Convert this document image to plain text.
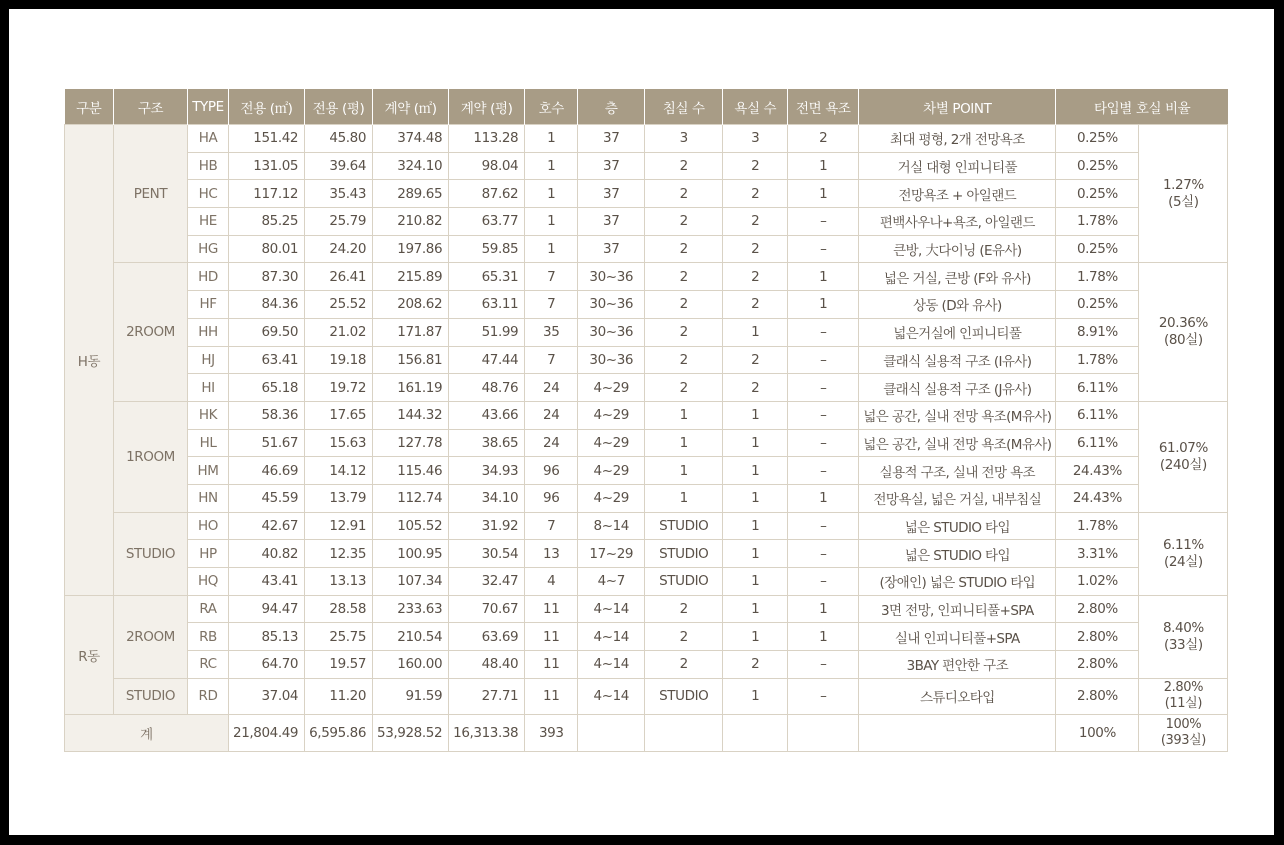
구분	구조	TYPE	전용 (㎡)	전용 (평)	계약 (㎡)	계약 (평)	호수	층	침실 수	욕실 수	전면 욕조	차별 POINT	타입별 호실 비율	
H동	PENT	HA	151.42	45.80	374.48	113.28	1	37	3	3	2	최대 평형, 2개 전망욕조	0.25%	1.27%
(5실)

		HB	131.05	39.64	324.10	98.04	1	37	2	2	1	거실 대형 인피니티풀	0.25%	
		HC	117.12	35.43	289.65	87.62	1	37	2	2	1	전망욕조 + 아일랜드	0.25%	
		HE	85.25	25.79	210.82	63.77	1	37	2	2	–	편백사우나+욕조, 아일랜드	1.78%	
		HG	80.01	24.20	197.86	59.85	1	37	2	2	–	큰방, 大다이닝 (E유사)	0.25%	
	2ROOM	HD	87.30	26.41	215.89	65.31	7	30~36	2	2	1	넓은 거실, 큰방 (F와 유사)	1.78%	20.36%
(80실)

		HF	84.36	25.52	208.62	63.11	7	30~36	2	2	1	상동 (D와 유사)	0.25%	
		HH	69.50	21.02	171.87	51.99	35	30~36	2	1	–	넓은거실에 인피니티풀	8.91%	
		HJ	63.41	19.18	156.81	47.44	7	30~36	2	2	–	클래식 실용적 구조 (I유사)	1.78%	
		HI	65.18	19.72	161.19	48.76	24	4~29	2	2	–	클래식 실용적 구조 (J유사)	6.11%	
	1ROOM	HK	58.36	17.65	144.32	43.66	24	4~29	1	1	–	넓은 공간, 실내 전망 욕조(M유사)	6.11%	61.07%
(240실)

		HL	51.67	15.63	127.78	38.65	24	4~29	1	1	–	넓은 공간, 실내 전망 욕조(M유사)	6.11%	
		HM	46.69	14.12	115.46	34.93	96	4~29	1	1	–	실용적 구조, 실내 전망 욕조	24.43%	
		HN	45.59	13.79	112.74	34.10	96	4~29	1	1	1	전망욕실, 넓은 거실, 내부침실	24.43%	
	STUDIO	HO	42.67	12.91	105.52	31.92	7	8~14	STUDIO	1	–	넓은 STUDIO 타입	1.78%	6.11%
(24실)

		HP	40.82	12.35	100.95	30.54	13	17~29	STUDIO	1	–	넓은 STUDIO 타입	3.31%	
		HQ	43.41	13.13	107.34	32.47	4	4~7	STUDIO	1	–	(장애인) 넓은 STUDIO 타입	1.02%	
R동	2ROOM	RA	94.47	28.58	233.63	70.67	11	4~14	2	1	1	3면 전망, 인피니티풀+SPA	2.80%	8.40%
(33실)

		RB	85.13	25.75	210.54	63.69	11	4~14	2	1	1	실내 인피니티풀+SPA	2.80%	
		RC	64.70	19.57	160.00	48.40	11	4~14	2	2	–	3BAY 편안한 구조	2.80%	
	STUDIO	RD	37.04	11.20	91.59	27.71	11	4~14	STUDIO	1	–	스튜디오타입	2.80%	2.80%
(11실)

계			21,804.49	6,595.86	53,928.52	16,313.38	393						100%	100%
(393실)
